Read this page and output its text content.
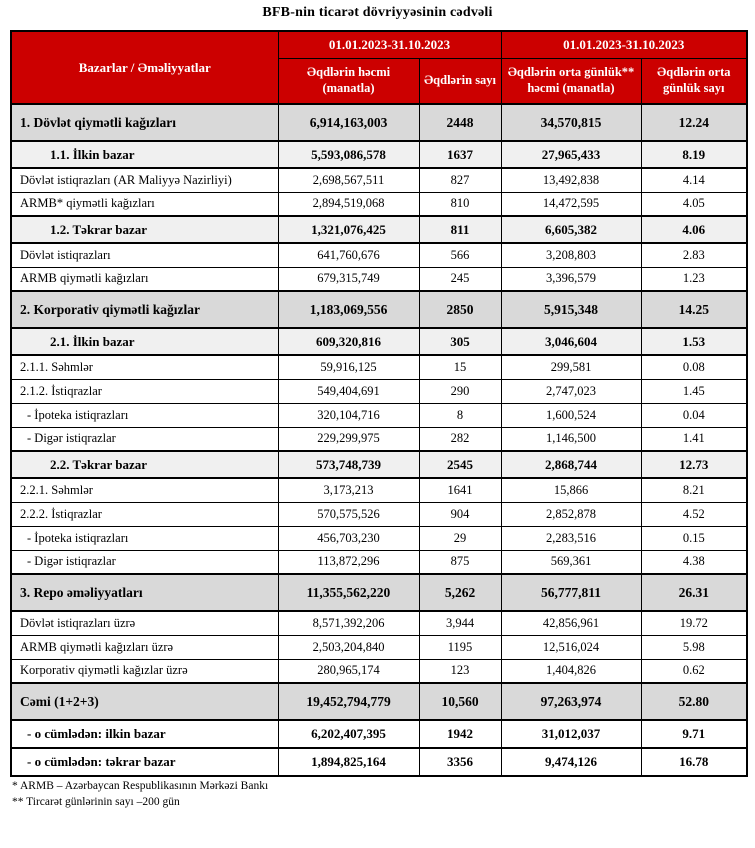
BFB-nin ticarət dövriyyəsinin cədvəli
Bazarlar / Əməliyyatlar	01.01.2023-31.10.2023		01.01.2023-31.10.2023	
	Əqdlərin həcmi (manatla)	Əqdlərin sayı	Əqdlərin orta günlük** həcmi (manatla)	Əqdlərin orta günlük sayı
1. Dövlət qiymətli kağızları	6,914,163,003	2448	34,570,815	12.24
1.1. İlkin bazar	5,593,086,578	1637	27,965,433	8.19
Dövlət istiqrazları (AR Maliyyə Nazirliyi)	2,698,567,511	827	13,492,838	4.14
ARMB* qiymətli kağızları	2,894,519,068	810	14,472,595	4.05
1.2. Təkrar bazar	1,321,076,425	811	6,605,382	4.06
Dövlət istiqrazları	641,760,676	566	3,208,803	2.83
ARMB qiymətli kağızları	679,315,749	245	3,396,579	1.23
2. Korporativ qiymətli kağızlar	1,183,069,556	2850	5,915,348	14.25
2.1. İlkin bazar	609,320,816	305	3,046,604	1.53
2.1.1. Səhmlər	59,916,125	15	299,581	0.08
2.1.2. İstiqrazlar	549,404,691	290	2,747,023	1.45
- İpoteka istiqrazları	320,104,716	8	1,600,524	0.04
- Digər istiqrazlar	229,299,975	282	1,146,500	1.41
2.2. Təkrar bazar	573,748,739	2545	2,868,744	12.73
2.2.1. Səhmlər	3,173,213	1641	15,866	8.21
2.2.2. İstiqrazlar	570,575,526	904	2,852,878	4.52
- İpoteka istiqrazları	456,703,230	29	2,283,516	0.15
- Digər istiqrazlar	113,872,296	875	569,361	4.38
3. Repo əməliyyatları	11,355,562,220	5,262	56,777,811	26.31
Dövlət istiqrazları üzrə	8,571,392,206	3,944	42,856,961	19.72
ARMB qiymətli kağızları üzrə	2,503,204,840	1195	12,516,024	5.98
Korporativ qiymətli kağızlar üzrə	280,965,174	123	1,404,826	0.62
Cəmi (1+2+3)	19,452,794,779	10,560	97,263,974	52.80
- o cümlədən: ilkin bazar	6,202,407,395	1942	31,012,037	9.71
- o cümlədən: təkrar bazar	1,894,825,164	3356	9,474,126	16.78
* ARMB – Azərbaycan Respublikasının Mərkəzi Bankı
** Tircarət günlərinin sayı –200 gün
